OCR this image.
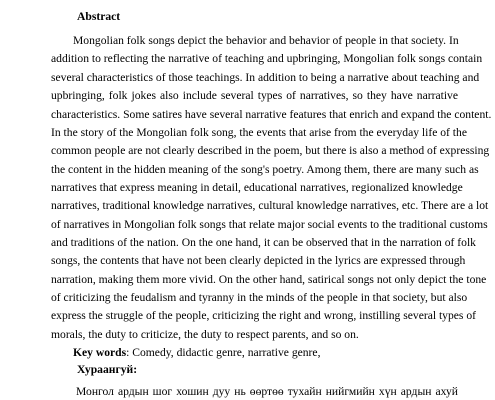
Abstract
Mongolian folk songs depict the behavior and behavior of people in that society. In
addition to reflecting the narrative of teaching and upbringing, Mongolian folk songs contain
several characteristics of those teachings. In addition to being a narrative about teaching and
upbringing, folk jokes also include several types of narratives, so they have narrative
characteristics. Some satires have several narrative features that enrich and expand the content.
In the story of the Mongolian folk song, the events that arise from the everyday life of the
common people are not clearly described in the poem, but there is also a method of expressing
the content in the hidden meaning of the song's poetry. Among them, there are many such as
narratives that express meaning in detail, educational narratives, regionalized knowledge
narratives, traditional knowledge narratives, cultural knowledge narratives, etc. There are a lot
of narratives in Mongolian folk songs that relate major social events to the traditional customs
and traditions of the nation. On the one hand, it can be observed that in the narration of folk
songs, the contents that have not been clearly depicted in the lyrics are expressed through
narration, making them more vivid. On the other hand, satirical songs not only depict the tone
of criticizing the feudalism and tyranny in the minds of the people in that society, but also
express the struggle of the people, criticizing the right and wrong, instilling several types of
morals, the duty to criticize, the duty to respect parents, and so on.
Key words: Comedy, didactic genre, narrative genre,
Хураангуй:
Монгол ардын шог хошин дуу нь өөртөө тухайн нийгмийн хүн ардын ахуй
